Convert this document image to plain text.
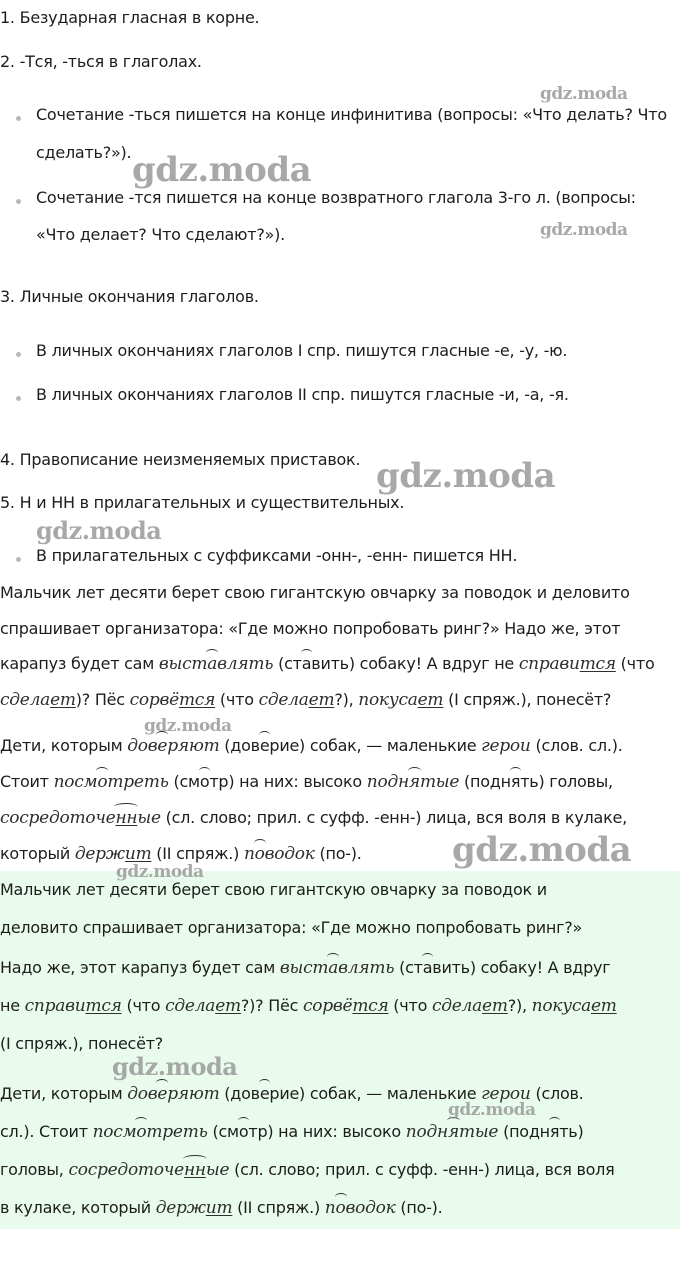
1. Безударная гласная в корне.
2. -Тся, -ться в глаголах.
Сочетание -ться пишется на конце инфинитива (вопросы: «Что делать? Что
сделать?»).
Сочетание -тся пишется на конце возвратного глагола 3-го л. (вопросы:
«Что делает? Что сделают?»).
3. Личные окончания глаголов.
В личных окончаниях глаголов I спр. пишутся гласные -е, -у, -ю.
В личных окончаниях глаголов II спр. пишутся гласные -и, -а, -я.
4. Правописание неизменяемых приставок.
5. Н и НН в прилагательных и существительных.
В прилагательных с суффиксами -онн-, -енн- пишется НН.
Мальчик лет десяти берет свою гигантскую овчарку за поводок и деловито
спрашивает организатора: «Где можно попробовать ринг?» Надо же, этот
карапуз будет сам выставлять (ставить) собаку! А вдруг не справится (что
сделает)? Пёс сорвётся (что сделает?), покусает (I спряж.), понесёт?
Дети, которым доверяют (доверие) собак, — маленькие герои (слов. сл.).
Стоит посмотреть (смотр) на них: высоко поднятые (поднять) головы,
сосредоточенные (сл. слово; прил. с суфф. -енн-) лица, вся воля в кулаке,
который держит (II спряж.) поводок (по-).
Мальчик лет десяти берет свою гигантскую овчарку за поводок и
деловито спрашивает организатора: «Где можно попробовать ринг?»
Надо же, этот карапуз будет сам выставлять (ставить) собаку! А вдруг
не справится (что сделает?)? Пёс сорвётся (что сделает?), покусает
(I спряж.), понесёт?
Дети, которым доверяют (доверие) собак, — маленькие герои (слов.
сл.). Стоит посмотреть (смотр) на них: высоко поднятые (поднять)
головы, сосредоточенные (сл. слово; прил. с суфф. -енн-) лица, вся воля
в кулаке, который держит (II спряж.) поводок (по-).
gdz.moda
gdz.moda
gdz.moda
gdz.moda
gdz.moda
gdz.moda
gdz.moda
gdz.moda
gdz.moda
gdz.moda
